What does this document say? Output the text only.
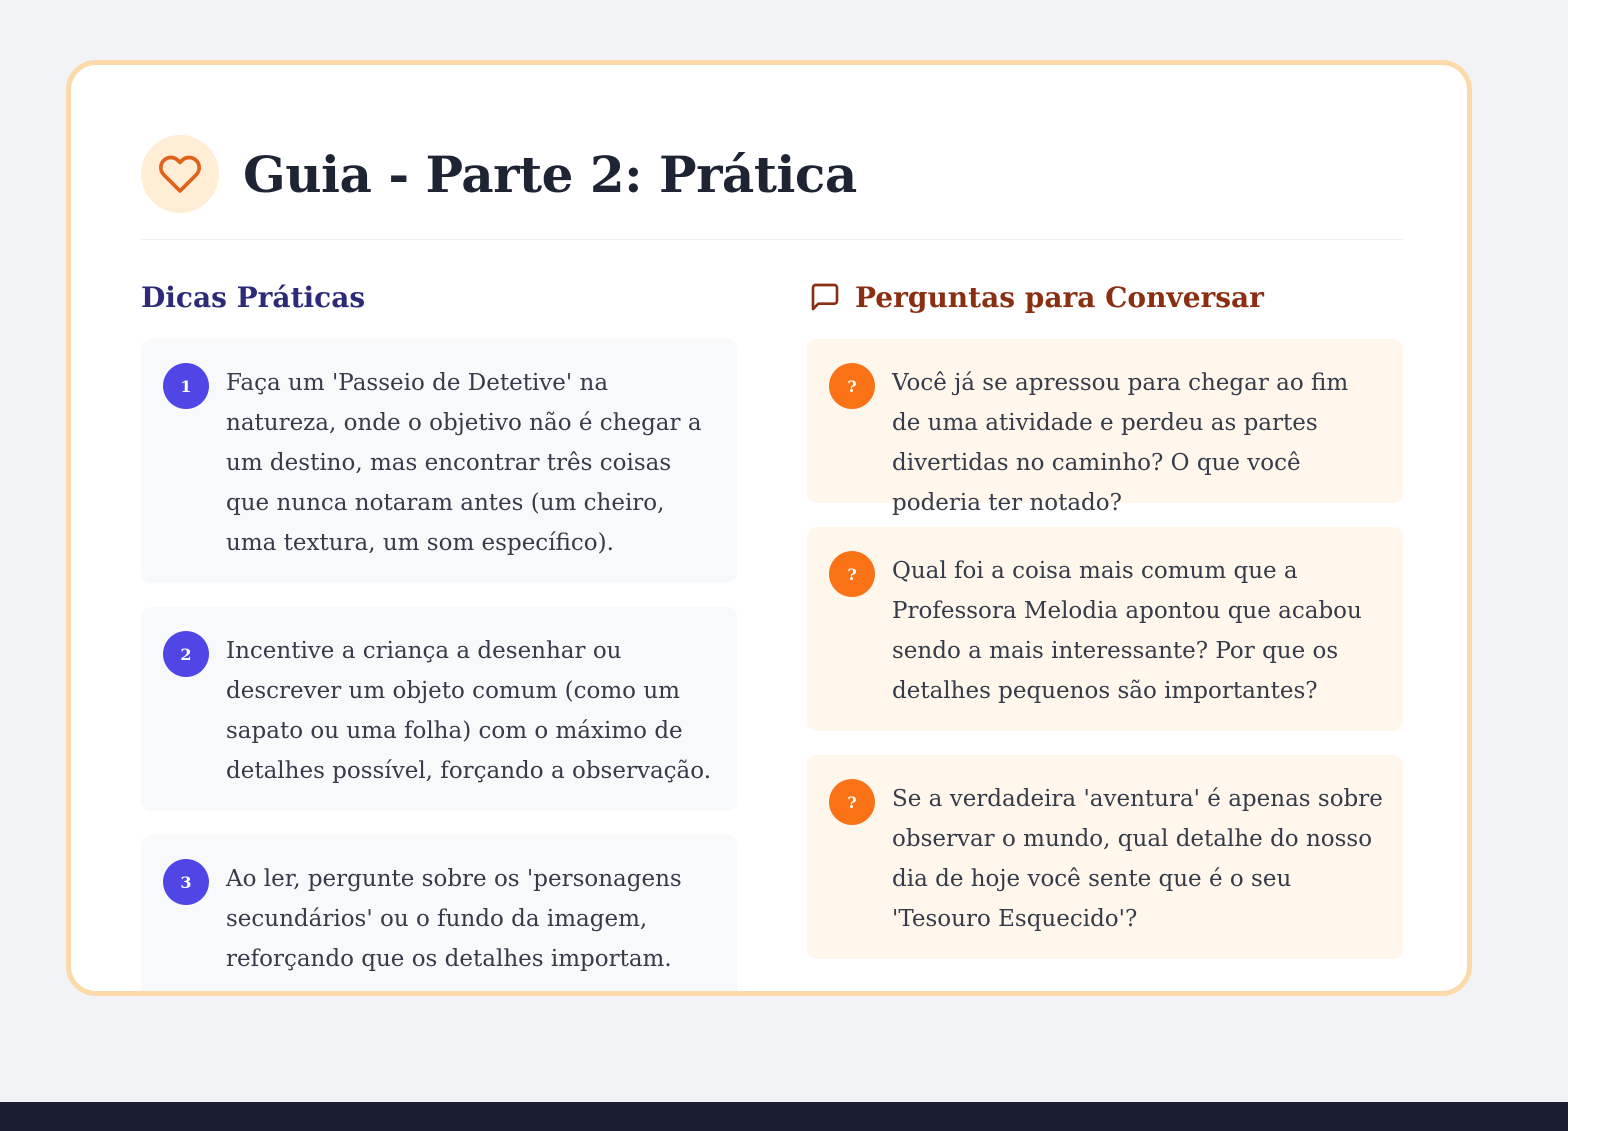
Guia - Parte 2: Prática
Dicas Práticas
1	Faça um 'Passeio de Detetive' na natureza, onde o objetivo não é chegar a um destino, mas encontrar três coisas que nunca notaram antes (um cheiro, uma textura, um som específico).

2	Incentive a criança a desenhar ou descrever um objeto comum (como um sapato ou uma folha) com o máximo de detalhes possível, forçando a observação.

3	Ao ler, pergunte sobre os 'personagens secundários' ou o fundo da imagem, reforçando que os detalhes importam.

Perguntas para Conversar
?	Você já se apressou para chegar ao fim de uma atividade e perdeu as partes divertidas no caminho? O que você poderia ter notado?

?	Qual foi a coisa mais comum que a Professora Melodia apontou que acabou sendo a mais interessante? Por que os detalhes pequenos são importantes?

?	Se a verdadeira 'aventura' é apenas sobre observar o mundo, qual detalhe do nosso dia de hoje você sente que é o seu 'Tesouro Esquecido'?
